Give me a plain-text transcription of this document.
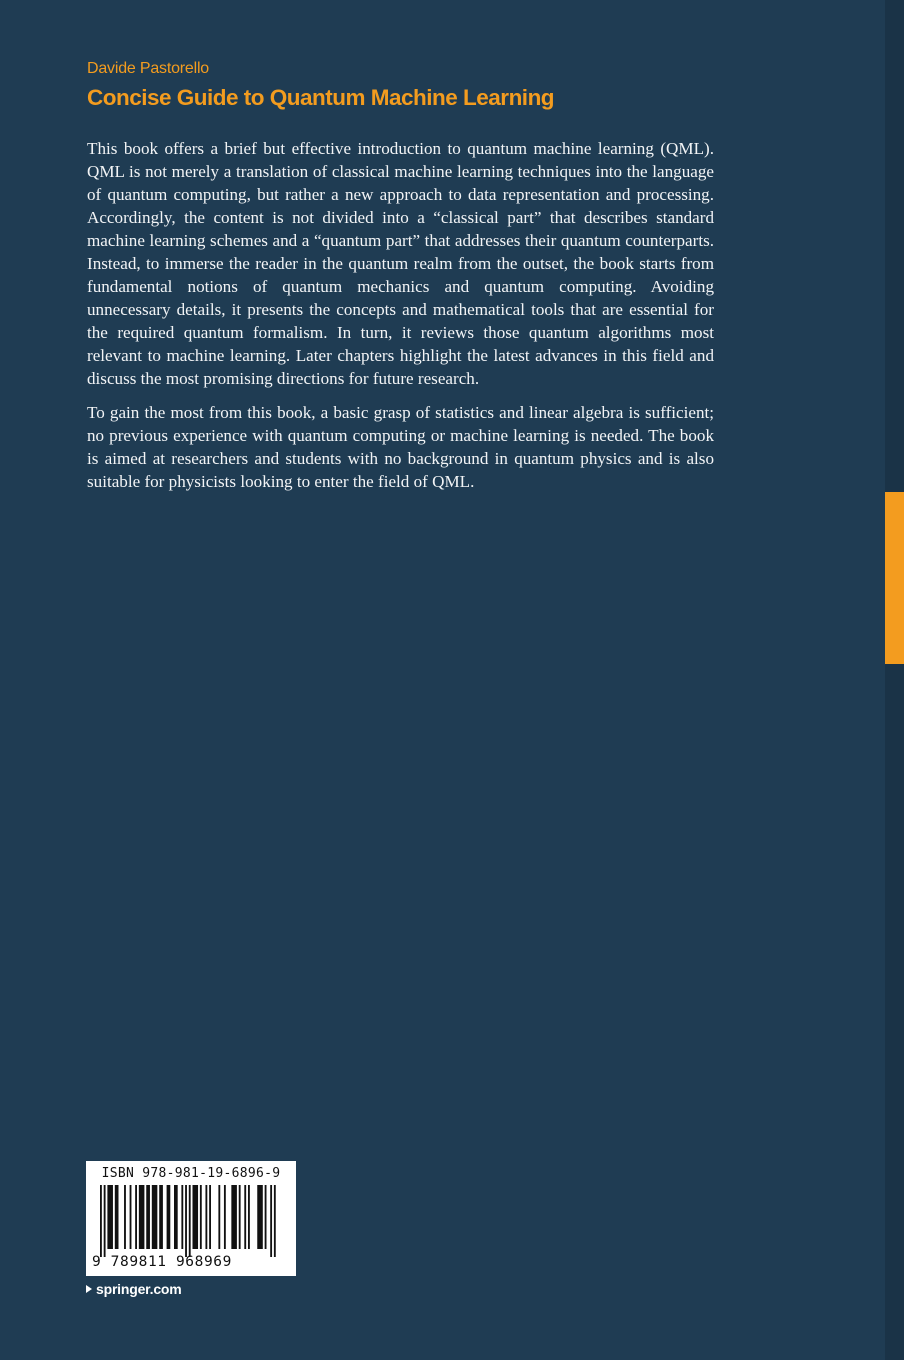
Davide Pastorello
Concise Guide to Quantum Machine Learning

This book offers a brief but effective introduction to quantum machine learning (QML). QML is not merely a translation of classical machine learning techniques into the language of quantum computing, but rather a new approach to data representation and processing. Accordingly, the content is not divided into a “classical part” that describes standard machine learning schemes and a “quantum part” that addresses their quantum counterparts. Instead, to immerse the reader in the quantum realm from the outset, the book starts from fundamental notions of quantum mechanics and quantum computing. Avoiding unnecessary details, it presents the concepts and mathematical tools that are essential for the required quantum formalism. In turn, it reviews those quantum algorithms most relevant to machine learning. Later chapters highlight the latest advances in this field and discuss the most promising directions for future research.

To gain the most from this book, a basic grasp of statistics and linear algebra is sufficient; no previous experience with quantum computing or machine learning is needed. The book is aimed at researchers and students with no background in quantum physics and is also suitable for physicists looking to enter the field of QML.

ISBN 978-981-19-6896-9
9 789811 968969
springer.com
